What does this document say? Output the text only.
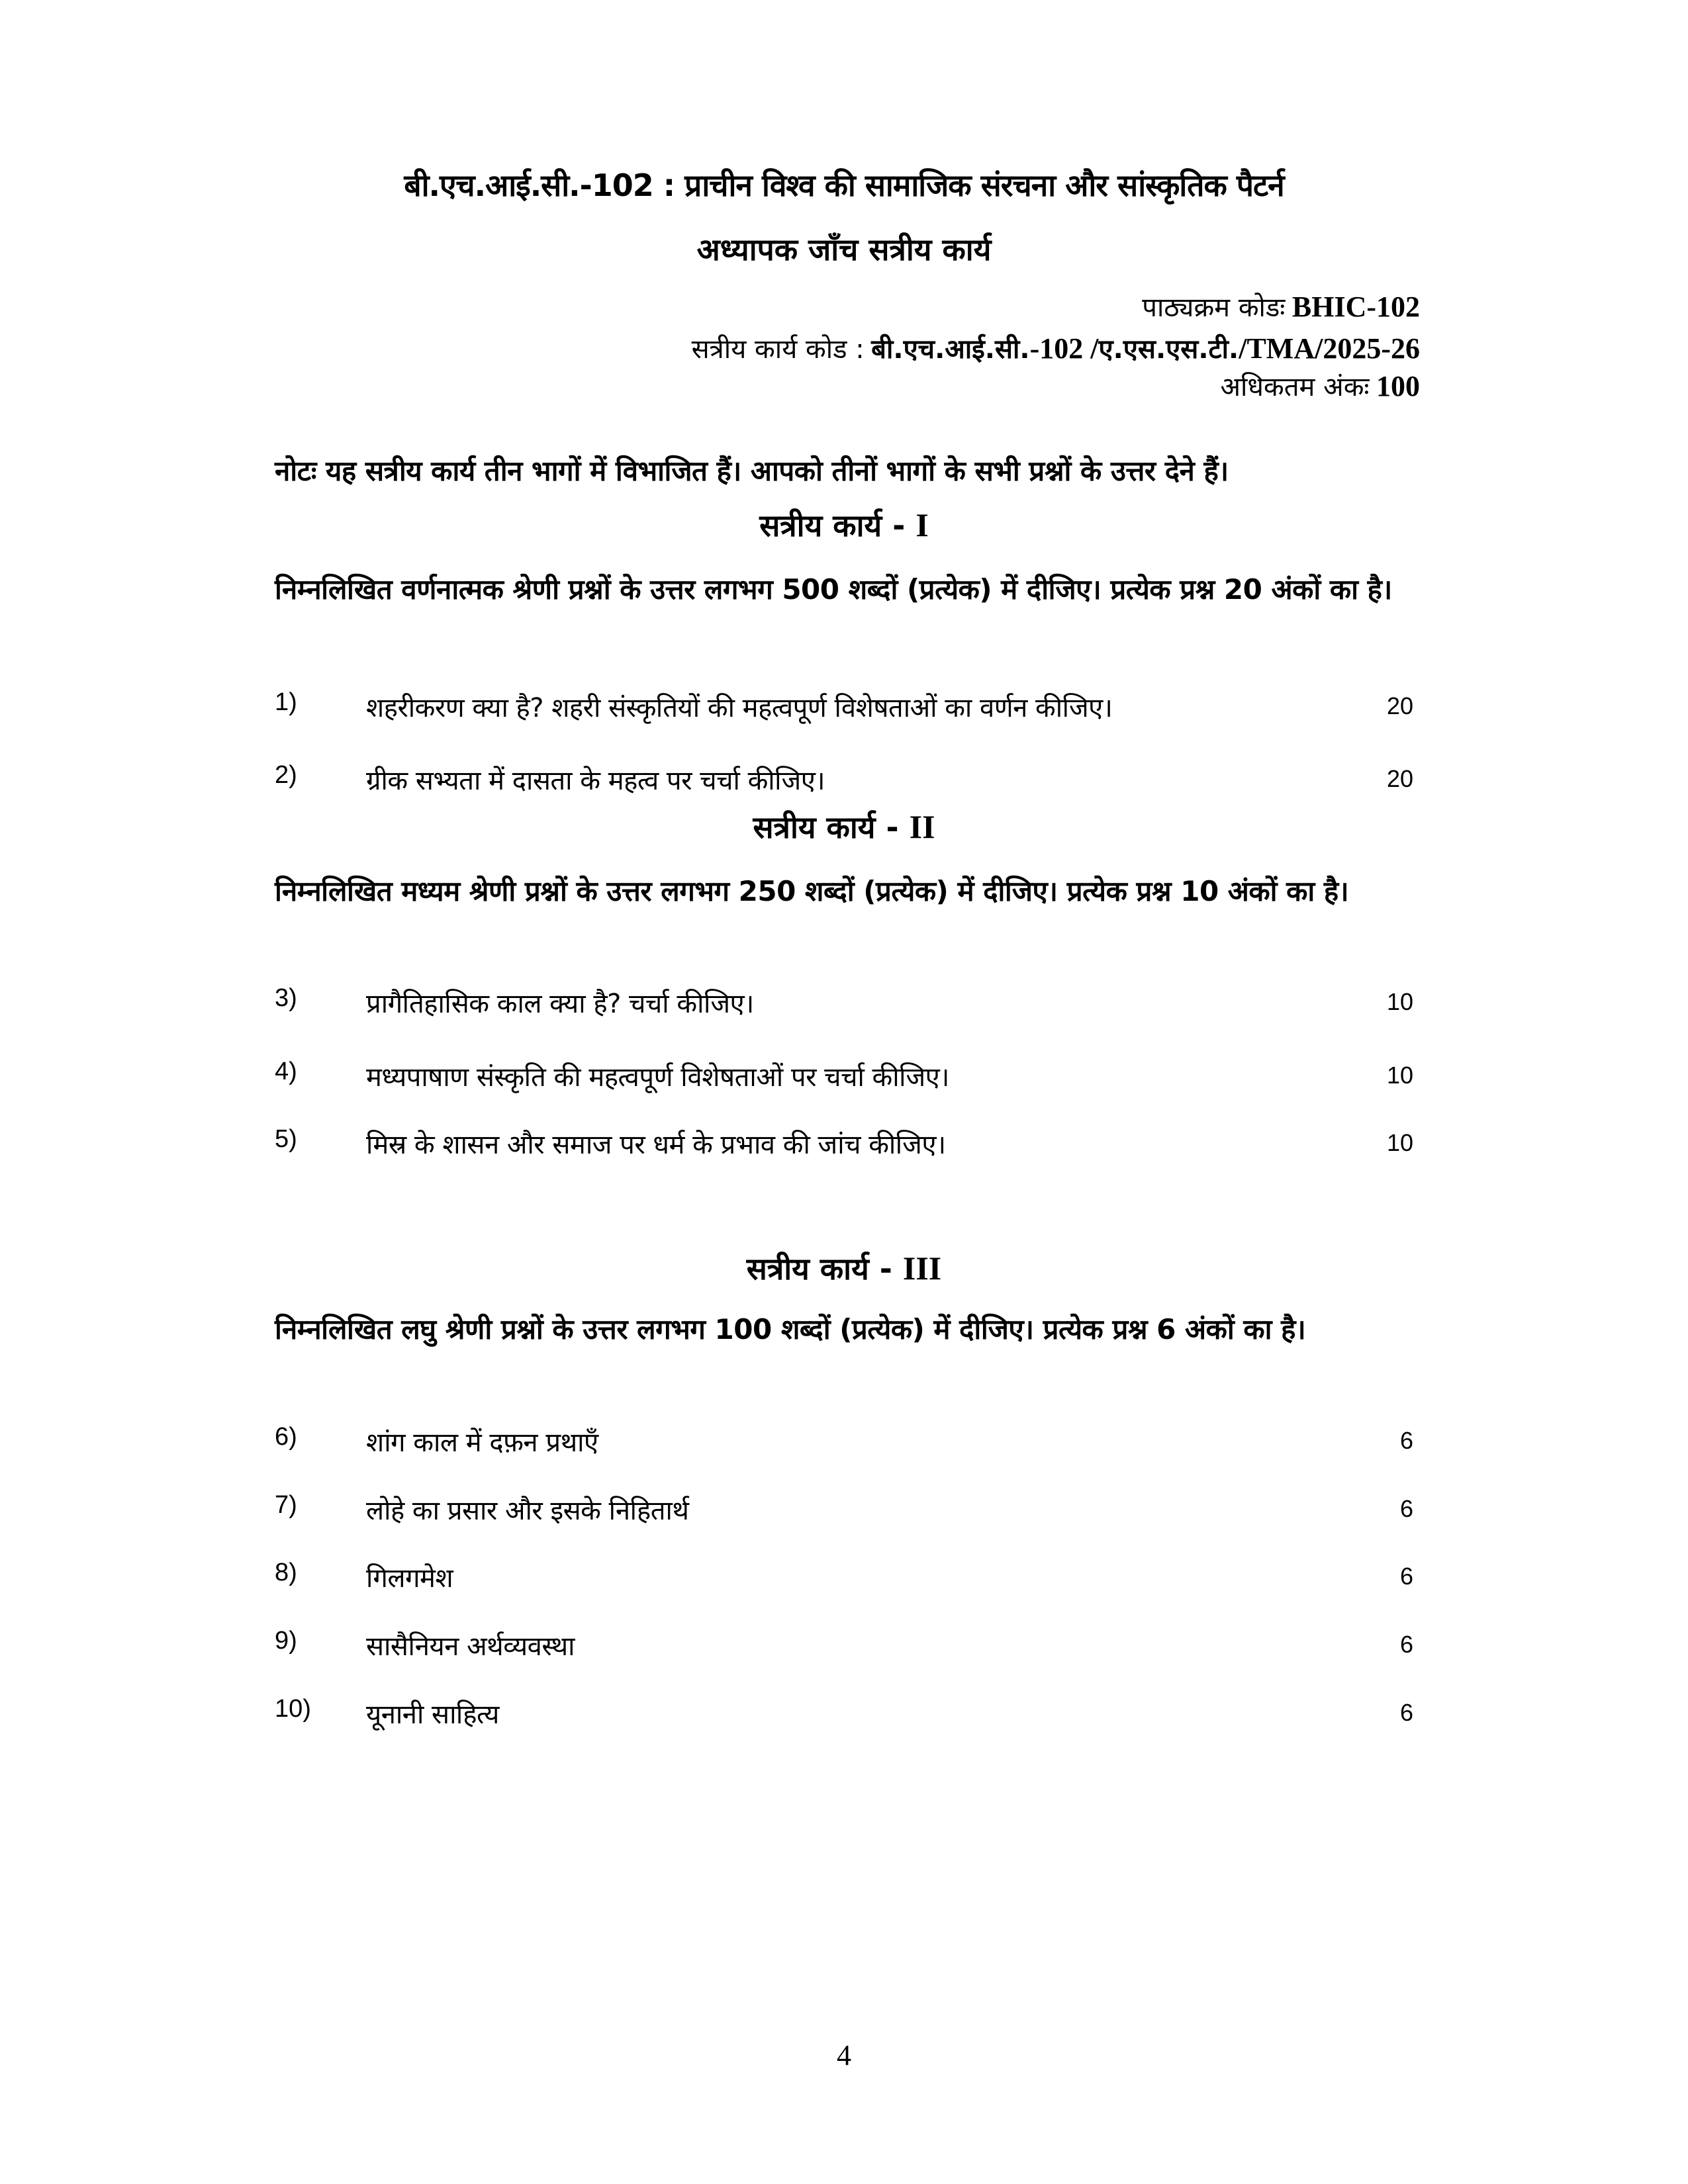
बी.एच.आई.सी.-102 : प्राचीन विश्व की सामाजिक संरचना और सांस्कृतिक पैटर्न
अध्यापक जाँच सत्रीय कार्य
पाठ्यक्रम कोडः BHIC-102
सत्रीय कार्य कोड : बी.एच.आई.सी.-102 /ए.एस.एस.टी./TMA/2025-26
अधिकतम अंकः 100
नोटः यह सत्रीय कार्य तीन भागों में विभाजित हैं। आपको तीनों भागों के सभी प्रश्नों के उत्तर देने हैं।
सत्रीय कार्य - I
निम्नलिखित वर्णनात्मक श्रेणी प्रश्नों के उत्तर लगभग 500 शब्दों (प्रत्येक) में दीजिए। प्रत्येक प्रश्न 20 अंकों का है।
1)	शहरीकरण क्या है? शहरी संस्कृतियों की महत्वपूर्ण विशेषताओं का वर्णन कीजिए।	20
2)	ग्रीक सभ्यता में दासता के महत्व पर चर्चा कीजिए।	20
सत्रीय कार्य - II
निम्नलिखित मध्यम श्रेणी प्रश्नों के उत्तर लगभग 250 शब्दों (प्रत्येक) में दीजिए। प्रत्येक प्रश्न 10 अंकों का है।
3)	प्रागैतिहासिक काल क्या है? चर्चा कीजिए।	10
4)	मध्यपाषाण संस्कृति की महत्वपूर्ण विशेषताओं पर चर्चा कीजिए।	10
5)	मिस्र के शासन और समाज पर धर्म के प्रभाव की जांच कीजिए।	10
सत्रीय कार्य - III
निम्नलिखित लघु श्रेणी प्रश्नों के उत्तर लगभग 100 शब्दों (प्रत्येक) में दीजिए। प्रत्येक प्रश्न 6 अंकों का है।
6)	शांग काल में दफ़न प्रथाएँ	6
7)	लोहे का प्रसार और इसके निहितार्थ	6
8)	गिलगमेश	6
9)	सासैनियन अर्थव्यवस्था	6
10) यूनानी साहित्य	6
4
